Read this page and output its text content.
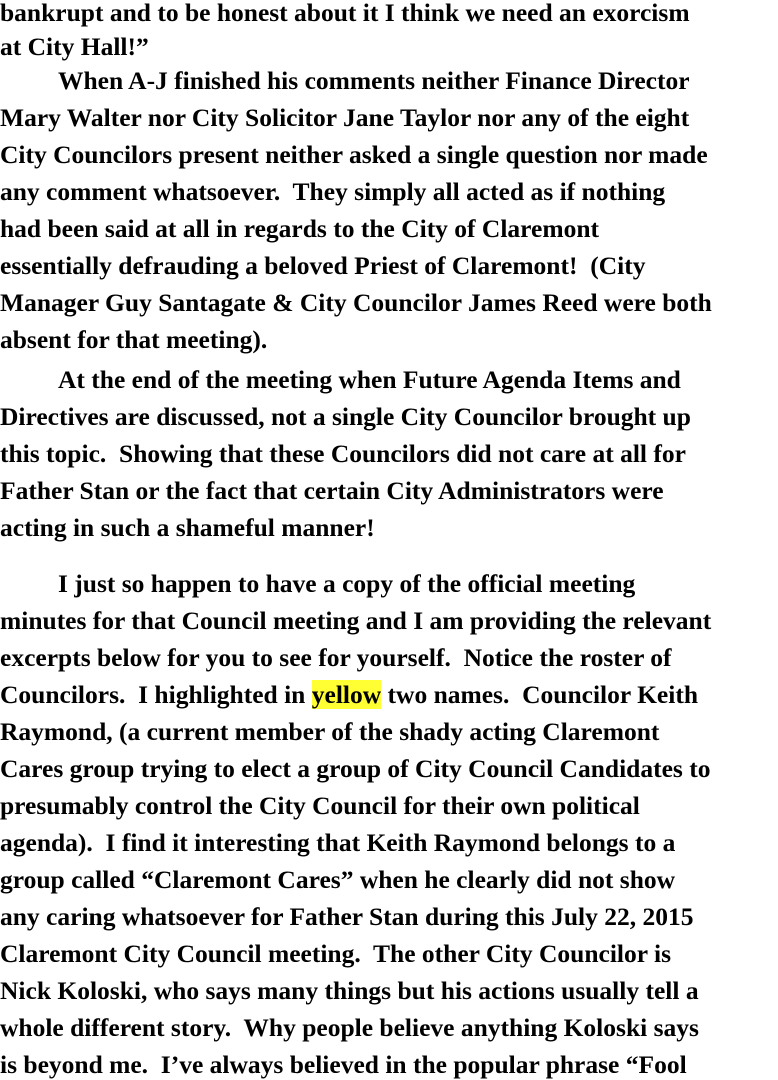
bankrupt and to be honest about it I think we need an exorcism
at City Hall!”
When A-J finished his comments neither Finance Director
Mary Walter nor City Solicitor Jane Taylor nor any of the eight
City Councilors present neither asked a single question nor made
any comment whatsoever.  They simply all acted as if nothing
had been said at all in regards to the City of Claremont
essentially defrauding a beloved Priest of Claremont!  (City
Manager Guy Santagate & City Councilor James Reed were both
absent for that meeting).
At the end of the meeting when Future Agenda Items and
Directives are discussed, not a single City Councilor brought up
this topic.  Showing that these Councilors did not care at all for
Father Stan or the fact that certain City Administrators were
acting in such a shameful manner!
I just so happen to have a copy of the official meeting
minutes for that Council meeting and I am providing the relevant
excerpts below for you to see for yourself.  Notice the roster of
Councilors.  I highlighted in yellow two names.  Councilor Keith
Raymond, (a current member of the shady acting Claremont
Cares group trying to elect a group of City Council Candidates to
presumably control the City Council for their own political
agenda).  I find it interesting that Keith Raymond belongs to a
group called “Claremont Cares” when he clearly did not show
any caring whatsoever for Father Stan during this July 22, 2015
Claremont City Council meeting.  The other City Councilor is
Nick Koloski, who says many things but his actions usually tell a
whole different story.  Why people believe anything Koloski says
is beyond me.  I’ve always believed in the popular phrase “Fool
